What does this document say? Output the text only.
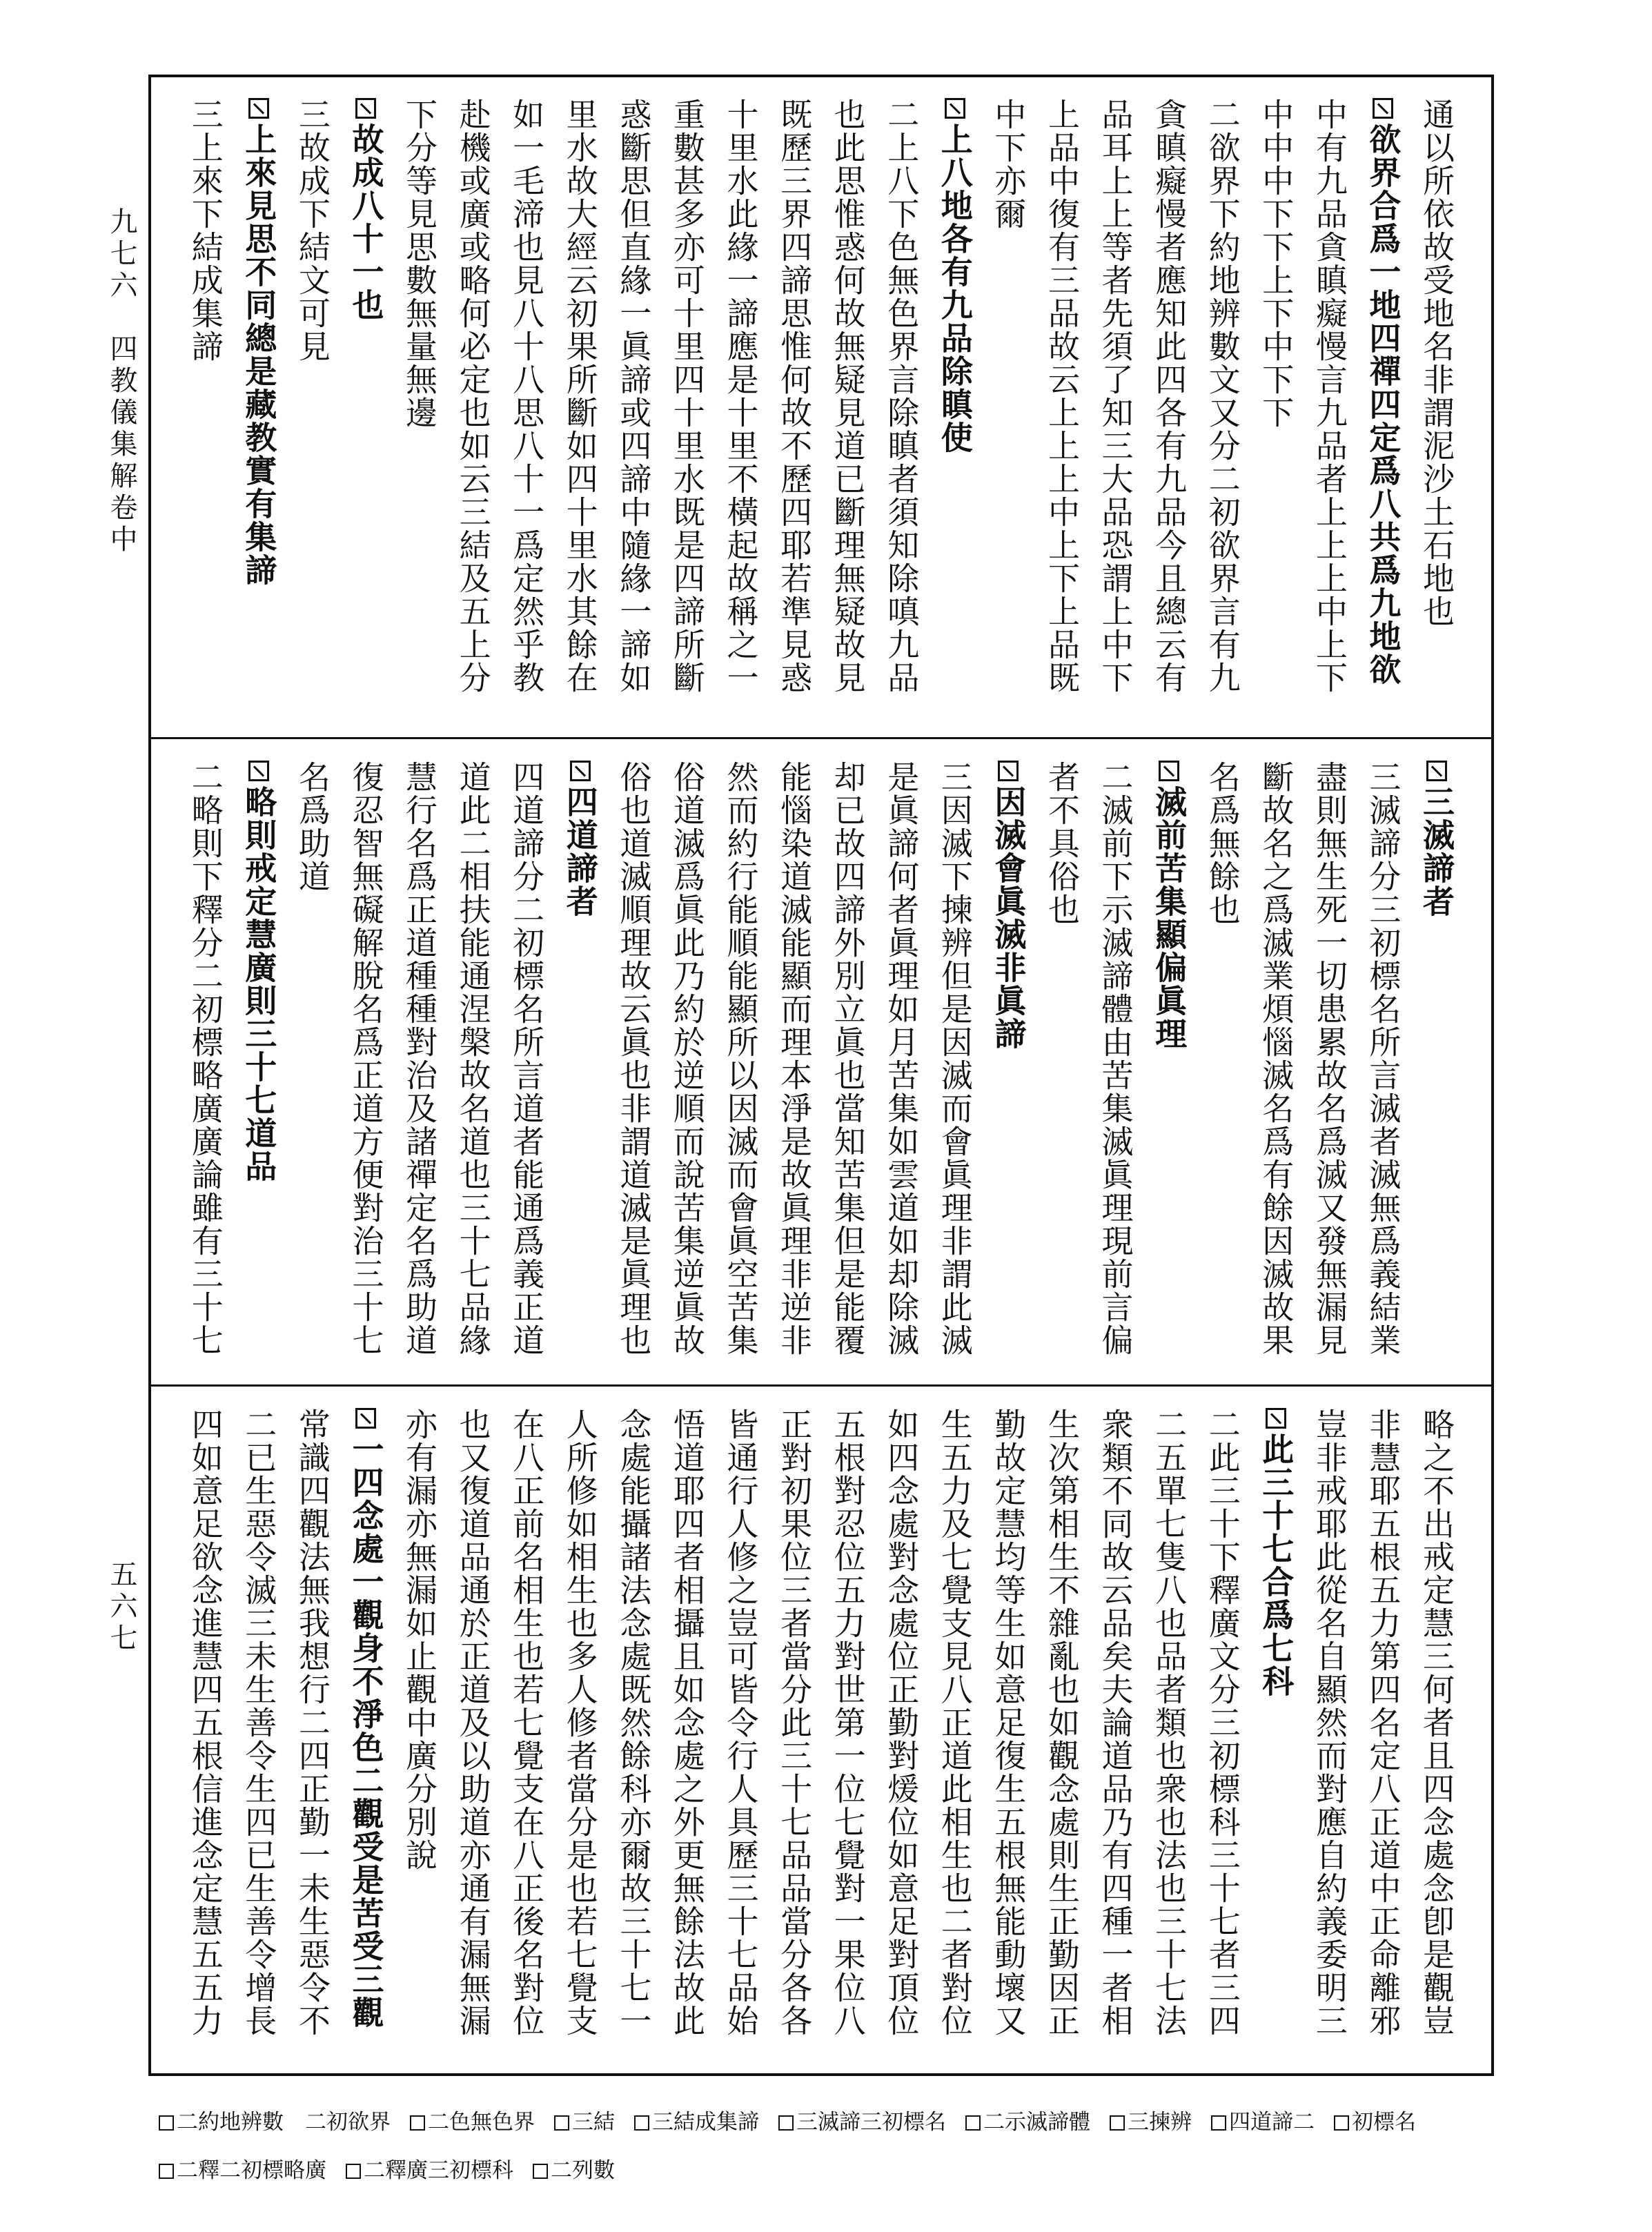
九七六　四教儀集解卷中
五六七
通以所依故受地名非謂泥沙土石地也
欲界合爲一地四禪四定爲八共爲九地欲
中有九品貪瞋癡慢言九品者上上上中上下
中中中下下上下中下下
二欲界下約地辨數文又分二初欲界言有九
貪瞋癡慢者應知此四各有九品今且總云有
品耳上上等者先須了知三大品恐謂上中下
上品中復有三品故云上上上中上下上品既
中下亦爾
上八地各有九品除瞋使
二上八下色無色界言除瞋者須知除嗔九品
也此思惟惑何故無疑見道已斷理無疑故見
既歷三界四諦思惟何故不歷四耶若準見惑
十里水此緣一諦應是十里不橫起故稱之一
重數甚多亦可十里四十里水既是四諦所斷
惑斷思但直緣一眞諦或四諦中隨緣一諦如
里水故大經云初果所斷如四十里水其餘在
如一毛渧也見八十八思八十一爲定然乎教
赴機或廣或略何必定也如云三結及五上分
下分等見思數無量無邊
故成八十一也
三故成下結文可見
上來見思不同總是藏教實有集諦
三上來下結成集諦
三滅諦者
三滅諦分三初標名所言滅者滅無爲義結業
盡則無生死一切患累故名爲滅又發無漏見
斷故名之爲滅業煩惱滅名爲有餘因滅故果
名爲無餘也
滅前苦集顯偏眞理
二滅前下示滅諦體由苦集滅眞理現前言偏
者不具俗也
因滅會眞滅非眞諦
三因滅下揀辨但是因滅而會眞理非謂此滅
是眞諦何者眞理如月苦集如雲道如却除滅
却已故四諦外別立眞也當知苦集但是能覆
能惱染道滅能顯而理本淨是故眞理非逆非
然而約行能順能顯所以因滅而會眞空苦集
俗道滅爲眞此乃約於逆順而說苦集逆眞故
俗也道滅順理故云眞也非謂道滅是眞理也
四道諦者
四道諦分二初標名所言道者能通爲義正道
道此二相扶能通涅槃故名道也三十七品緣
慧行名爲正道種種對治及諸禪定名爲助道
復忍智無礙解脫名爲正道方便對治三十七
名爲助道
略則戒定慧廣則三十七道品
二略則下釋分二初標略廣廣論雖有三十七
略之不出戒定慧三何者且四念處念卽是觀豈
非慧耶五根五力第四名定八正道中正命離邪
豈非戒耶此從名自顯然而對應自約義委明三
此三十七合爲七科
二此三十下釋廣文分三初標科三十七者三四
二五單七隻八也品者類也衆也法也三十七法
衆類不同故云品矣夫論道品乃有四種一者相
生次第相生不雜亂也如觀念處則生正勤因正
勤故定慧均等生如意足復生五根無能動壞又
生五力及七覺支見八正道此相生也二者對位
如四念處對念處位正勤對煖位如意足對頂位
五根對忍位五力對世第一位七覺對一果位八
正對初果位三者當分此三十七品品當分各各
皆通行人修之豈可皆令行人具歷三十七品始
悟道耶四者相攝且如念處之外更無餘法故此
念處能攝諸法念處既然餘科亦爾故三十七一
人所修如相生也多人修者當分是也若七覺支
在八正前名相生也若七覺支在八正後名對位
也又復道品通於正道及以助道亦通有漏無漏
亦有漏亦無漏如止觀中廣分別說
一四念處一觀身不淨色二觀受是苦受三觀
常識四觀法無我想行二四正勤一未生惡令不
二已生惡令滅三未生善令生四已生善令增長
四如意足欲念進慧四五根信進念定慧五五力
二約地辨數　二初欲界 二色無色界 三結 三結成集諦 三滅諦三初標名 二示滅諦體 三揀辨 四道諦二 初標名二釋二初標略廣 二釋廣三初標科 二列數
